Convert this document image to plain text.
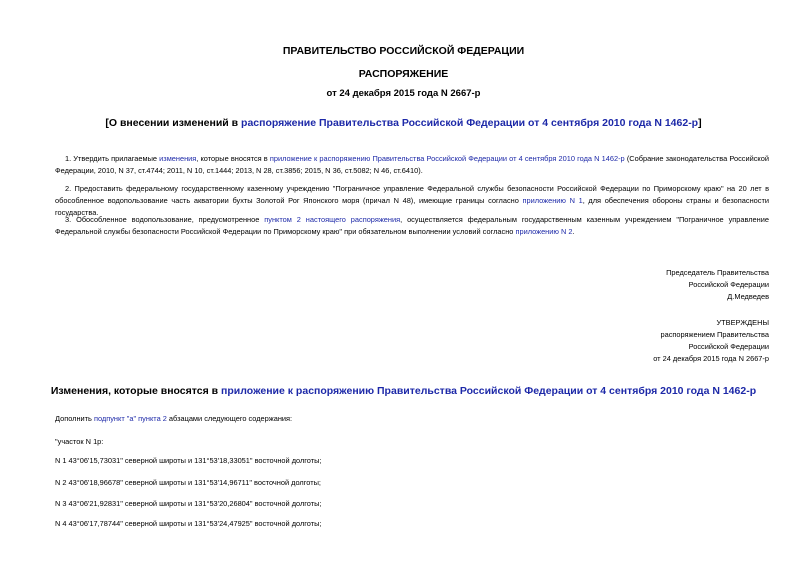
ПРАВИТЕЛЬСТВО РОССИЙСКОЙ ФЕДЕРАЦИИ
РАСПОРЯЖЕНИЕ
от 24 декабря 2015 года N 2667-р
[О внесении изменений в распоряжение Правительства Российской Федерации от 4 сентября 2010 года N 1462-р]

1. Утвердить прилагаемые изменения, которые вносятся в приложение к распоряжению Правительства Российской Федерации от 4 сентября 2010 года N 1462-р (Собрание законодательства Российской Федерации, 2010, N 37, ст.4744; 2011, N 10, ст.1444; 2013, N 28, ст.3856; 2015, N 36, ст.5082; N 46, ст.6410).

2. Предоставить федеральному государственному казенному учреждению "Пограничное управление Федеральной службы безопасности Российской Федерации по Приморскому краю" на 20 лет в обособленное водопользование часть акватории бухты Золотой Рог Японского моря (причал N 48), имеющие границы согласно приложению N 1, для обеспечения обороны страны и безопасности государства.

3. Обособленное водопользование, предусмотренное пунктом 2 настоящего распоряжения, осуществляется федеральным государственным казенным учреждением "Пограничное управление Федеральной службы безопасности Российской Федерации по Приморскому краю" при обязательном выполнении условий согласно приложению N 2.

Председатель Правительства
Российской Федерации
Д.Медведев
УТВЕРЖДЕНЫ
распоряжением Правительства
Российской Федерации
от 24 декабря 2015 года N 2667-р
Изменения, которые вносятся в приложение к распоряжению Правительства Российской Федерации от 4 сентября 2010 года N 1462-р
Дополнить подпункт "а" пункта 2 абзацами следующего содержания:
"участок N 1р:
N 1 43°06'15,73031" северной широты и 131°53'18,33051" восточной долготы;
N 2 43°06'18,96678" северной широты и 131°53'14,96711" восточной долготы;
N 3 43°06'21,92831" северной широты и 131°53'20,26804" восточной долготы;
N 4 43°06'17,78744" северной широты и 131°53'24,47925" восточной долготы;
